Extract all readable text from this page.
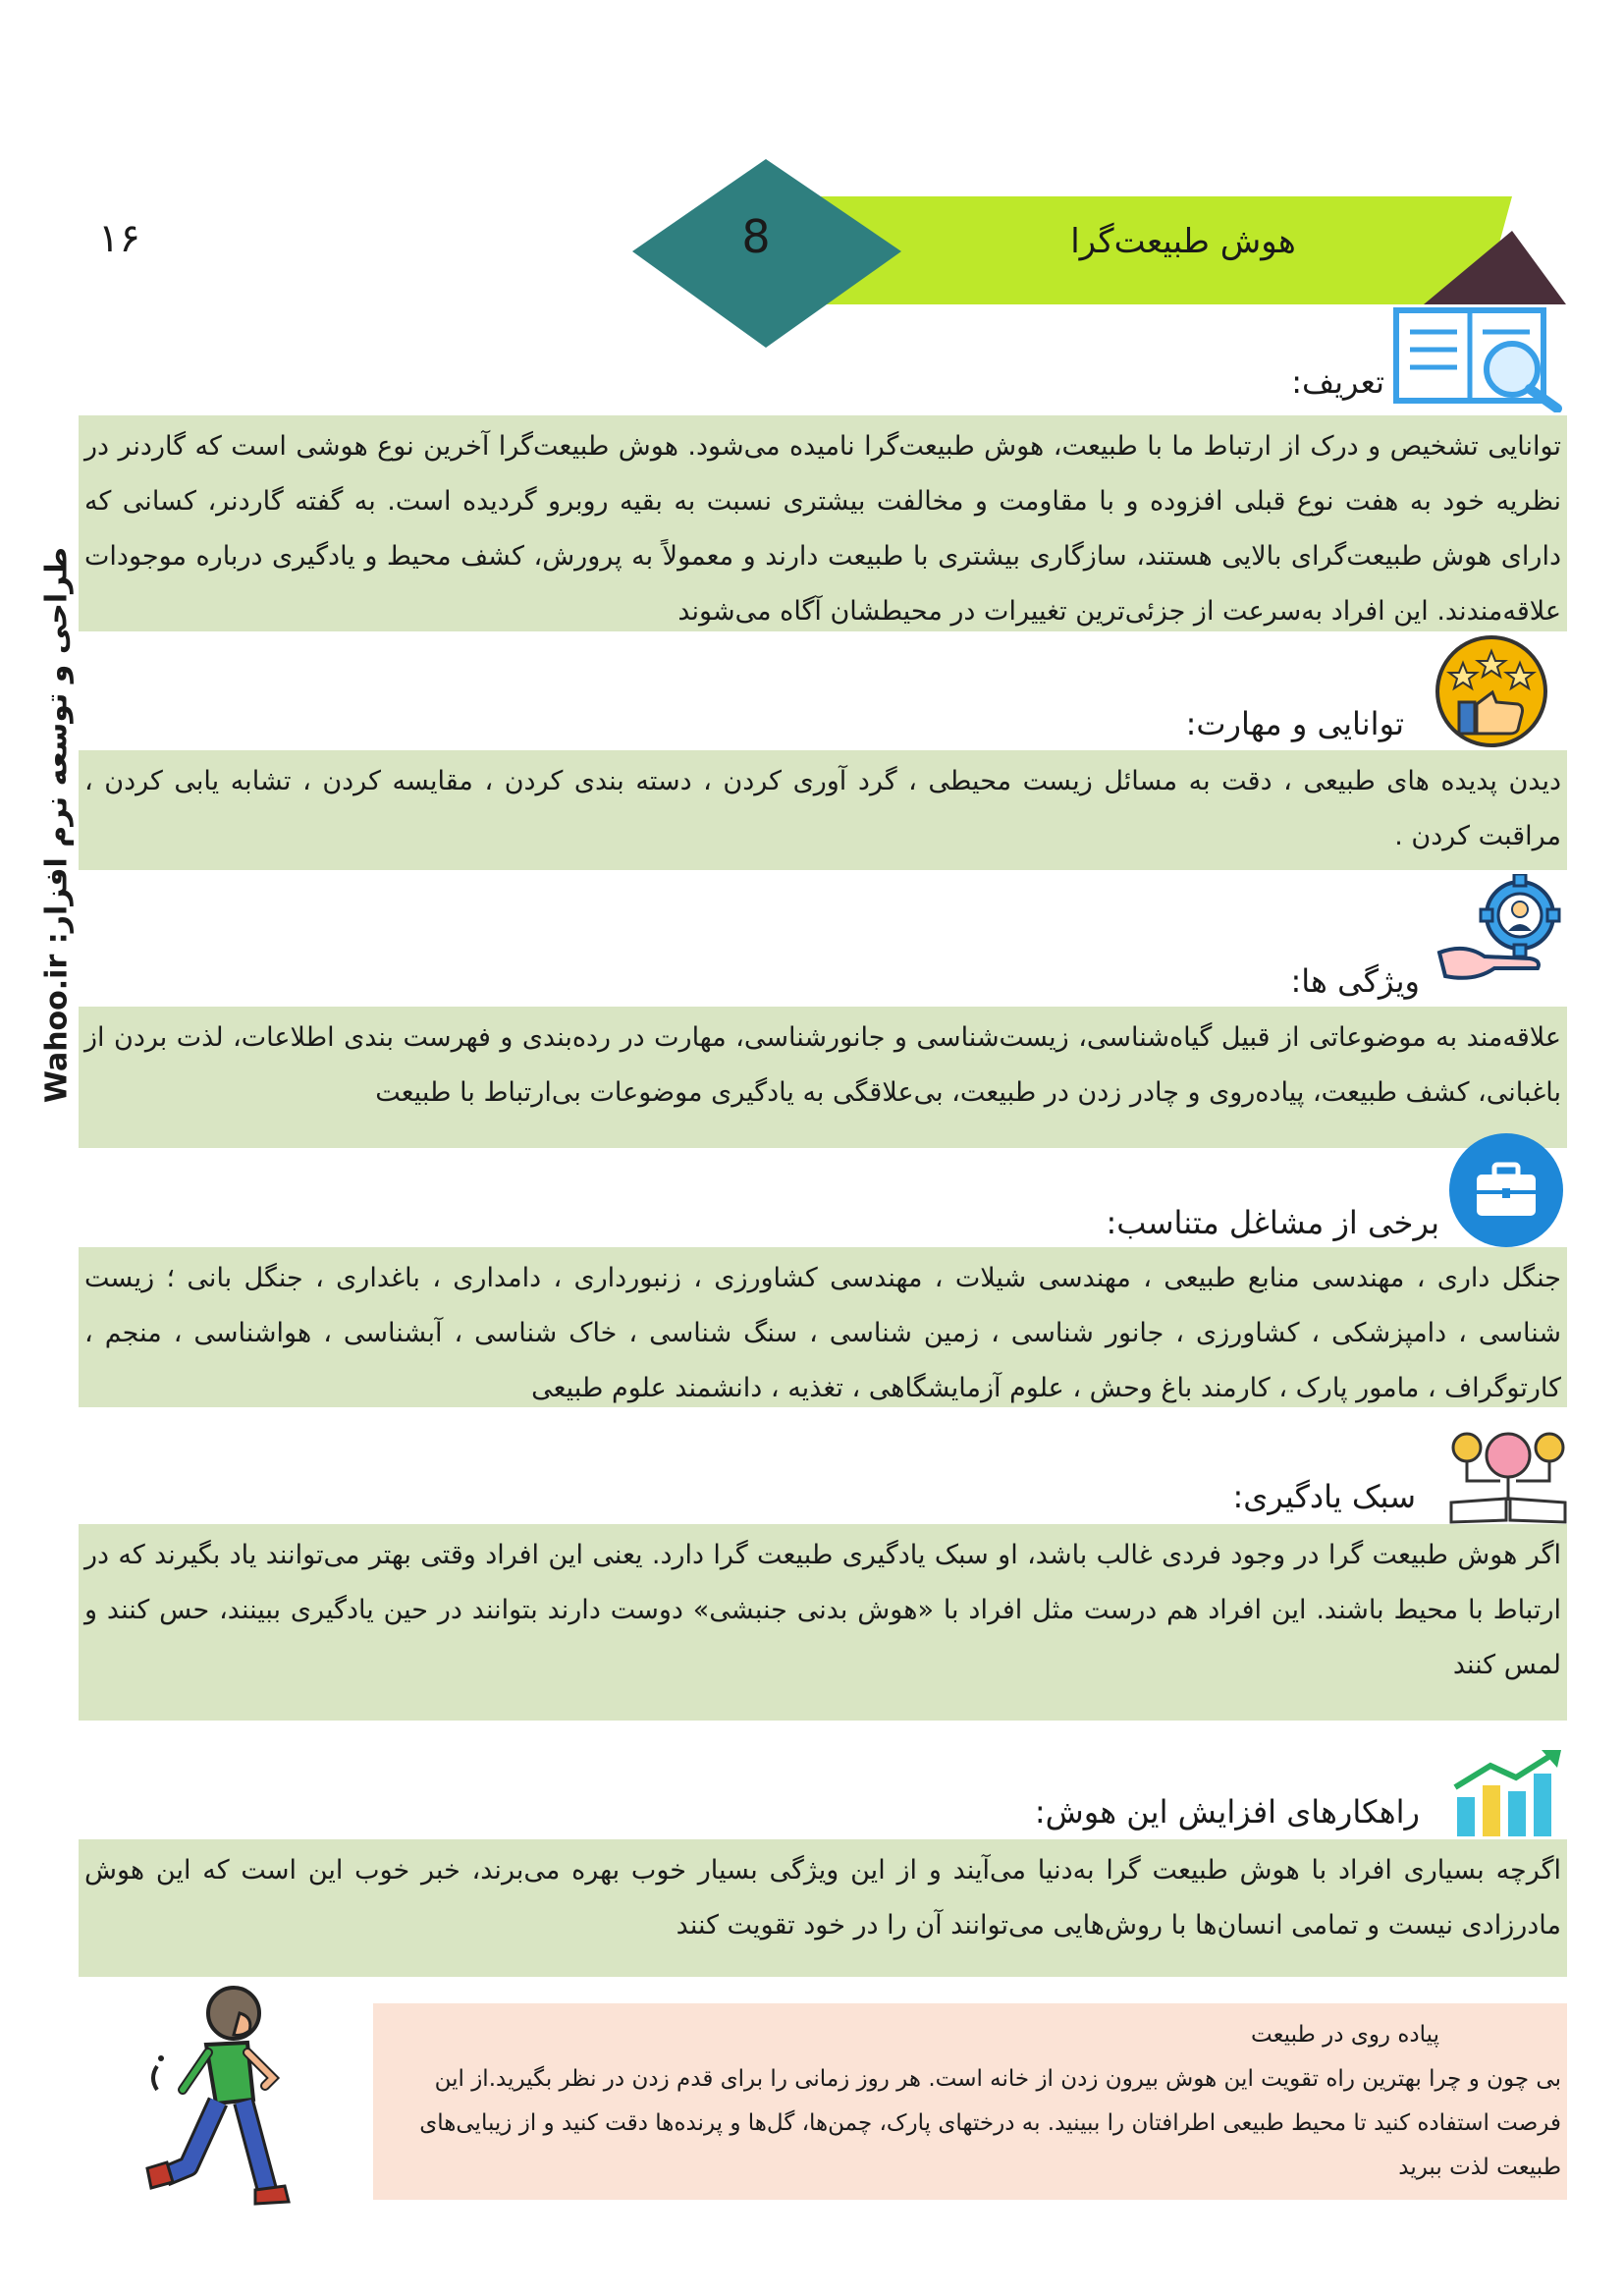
۱۶
طراحی و توسعه نرم افزار: Wahoo.ir
8	هوش طبیعت‌گرا
تعریف:
توانایی تشخیص و درک از ارتباط ما با طبیعت، هوش طبیعت‌گرا نامیده می‌شود. هوش طبیعت‌گرا آخرین نوع هوشی است که گاردنر در نظریه خود به هفت نوع قبلی افزوده و با مقاومت و مخالفت بیشتری نسبت به بقیه روبرو گردیده است. به گفته گاردنر، کسانی که دارای هوش طبیعت‌گرای بالایی هستند، سازگاری بیشتری با طبیعت دارند و معمولاً به پرورش، کشف محیط و یادگیری درباره موجودات علاقه‌مندند. این افراد به‌سرعت از جزئی‌ترین تغییرات در محیطشان آگاه می‌شوند
توانایی و مهارت:
دیدن پدیده های طبیعی ، دقت به مسائل زیست محیطی ، گرد آوری کردن ، دسته بندی کردن ، مقایسه کردن ، تشابه یابی کردن ، مراقبت کردن .
ویژگی ها:
علاقه‌مند به موضوعاتی از قبیل گیاه‌شناسی، زیست‌شناسی و جانورشناسی، مهارت در رده‌بندی و فهرست بندی اطلاعات، لذت بردن از باغبانی، کشف طبیعت، پیاده‌روی و چادر زدن در طبیعت، بی‌علاقگی به یادگیری موضوعات بی‌ارتباط با طبیعت
برخی از مشاغل متناسب:
جنگل داری ، مهندسی منابع طبیعی ، مهندسی شیلات ، مهندسی کشاورزی ، زنبورداری ، دامداری ، باغداری ، جنگل بانی ؛ زیست شناسی ، دامپزشکی ، کشاورزی ، جانور شناسی ، زمین شناسی ، سنگ شناسی ، خاک شناسی ، آبشناسی ، هواشناسی ، منجم ، کارتوگراف ، مامور پارک ، کارمند باغ وحش ، علوم آزمایشگاهی ، تغذیه ، دانشمند علوم طبیعی
سبک یادگیری:
اگر هوش طبیعت گرا در وجود فردی غالب باشد، او سبک یادگیری طبیعت گرا دارد. یعنی این افراد وقتی بهتر می‌توانند یاد بگیرند که در ارتباط با محیط باشند. این افراد هم درست مثل افراد با «هوش بدنی جنبشی» دوست دارند بتوانند در حین یادگیری ببینند، حس کنند و لمس کنند
راهکارهای افزایش این هوش:
اگرچه بسیاری افراد با هوش طبیعت گرا به‌دنیا می‌آیند و از این ویژگی بسیار خوب بهره می‌برند، خبر خوب این است که این هوش مادرزادی نیست و تمامی انسان‌ها با روش‌هایی می‌توانند آن را در خود تقویت کنند
پیاده روی در طبیعت
بی چون و چرا بهترین راه تقویت این هوش بیرون زدن از خانه است. هر روز زمانی را برای قدم زدن در نظر بگیرید.از این فرصت استفاده کنید تا محیط طبیعی اطرافتان را ببینید. به درختهای پارک، چمن‌ها، گل‌ها و پرنده‌ها دقت کنید و از زیبایی‌های طبیعت لذت ببرید
